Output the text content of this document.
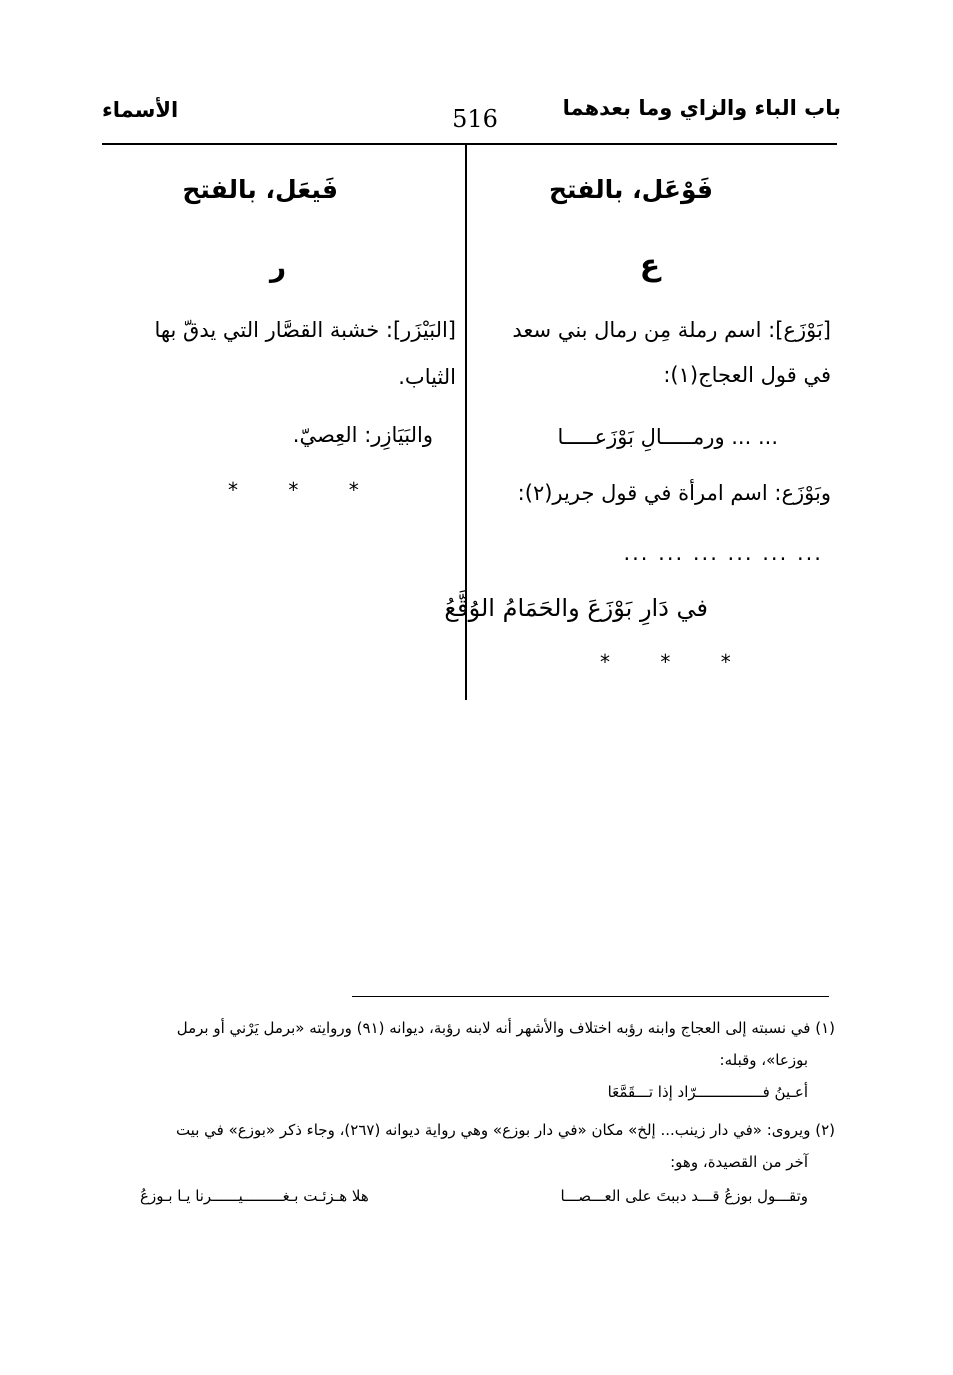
باب الباء والزاي وما بعدهما
516
الأسماء
فَوْعَل، بالفتح
ع
[بَوْزَع]: اسم رملة مِن رمال بني سعد
في قول العجاج(١):
... ... ورمـــــالِ بَوْزَعـــــا
وبَوْزَع: اسم امرأة في قول جرير(٢):
... ... ... ... ... ...
في دَارِ بَوْزَعَ والحَمَامُ الوُقَّعُ
* * *
فَيعَل، بالفتح
ر
[البَيْزَر]: خشبة القصَّار التي يدقّ بها
الثياب.
والبَيَازِر: العِصيّ.
* * *
(١) في نسبته إلى العجاج وابنه رؤبه اختلاف والأشهر أنه لابنه رؤبة، ديوانه (٩١) وروايته «برمل يَرْني أو برمل
بوزعا»، وقبله:
أعـينُ فـــــــــــــــرّاد إذا تـــقَمَّعَا
(٢) ويروى: «في دار زينب... إلخ» مكان «في دار بوزع» وهي رواية ديوانه (٢٦٧)، وجاء ذكر «بوزع» في بيت
آخر من القصيدة، وهو:
وتقـــول بوزعُ قـــد دببتَ على العـــصـــا
هلا هـزئـت بـغـــــــــيــــــرنا يـا بـوزعُ
